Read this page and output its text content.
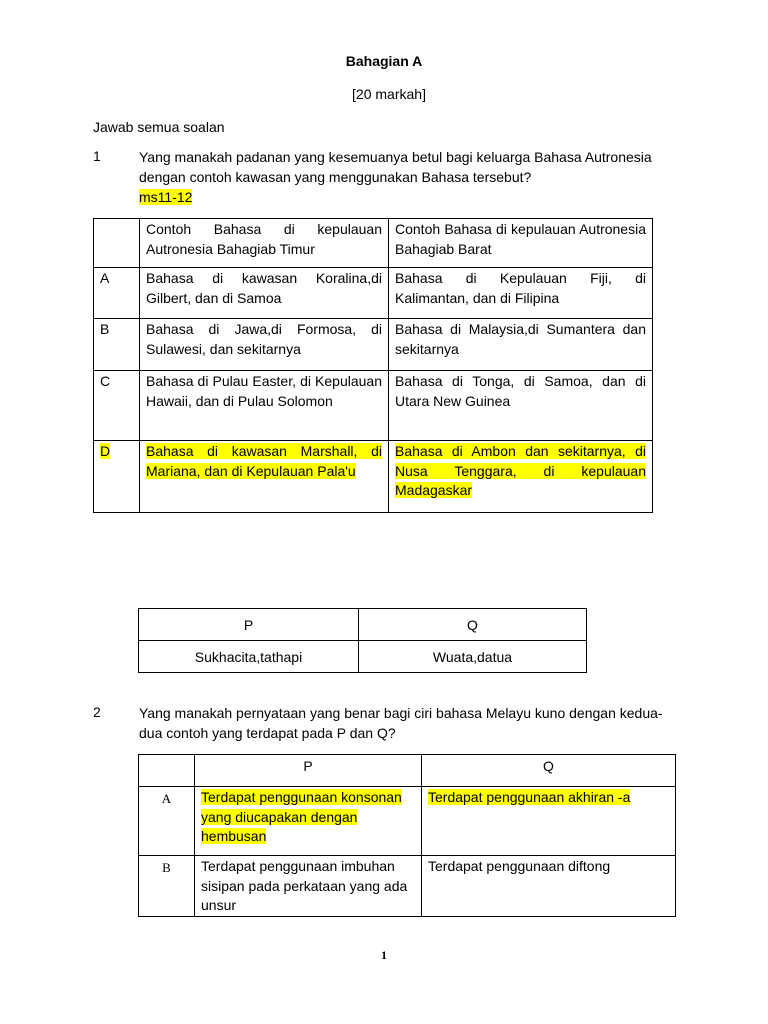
Bahagian A
[20 markah]
Jawab semua soalan
1	Yang manakah padanan yang kesemuanya betul bagi keluarga Bahasa Autronesia dengan contoh kawasan yang menggunakan Bahasa tersebut?
ms11-12
	Contoh Bahasa di kepulauan Autronesia Bahagiab Timur	Contoh Bahasa di kepulauan Autronesia Bahagiab Barat
A	Bahasa di kawasan Koralina,di Gilbert, dan di Samoa	Bahasa di Kepulauan Fiji, di Kalimantan, dan di Filipina
B	Bahasa di Jawa,di Formosa, di Sulawesi, dan sekitarnya	Bahasa di Malaysia,di Sumantera dan sekitarnya
C	Bahasa di Pulau Easter, di Kepulauan Hawaii, dan di Pulau Solomon	Bahasa di Tonga, di Samoa, dan di Utara New Guinea
D	Bahasa di kawasan Marshall, di Mariana, dan di Kepulauan Pala'u	Bahasa di Ambon dan sekitarnya, di Nusa Tenggara, di kepulauan Madagaskar
P	Q
Sukhacita,tathapi	Wuata,datua
2	Yang manakah pernyataan yang benar bagi ciri bahasa Melayu kuno dengan kedua-dua contoh yang terdapat pada P dan Q?
	P	Q
A	Terdapat penggunaan konsonan yang diucapakan dengan hembusan	Terdapat penggunaan akhiran -a
B	Terdapat penggunaan imbuhan sisipan pada perkataan yang ada unsur	Terdapat penggunaan diftong
1
